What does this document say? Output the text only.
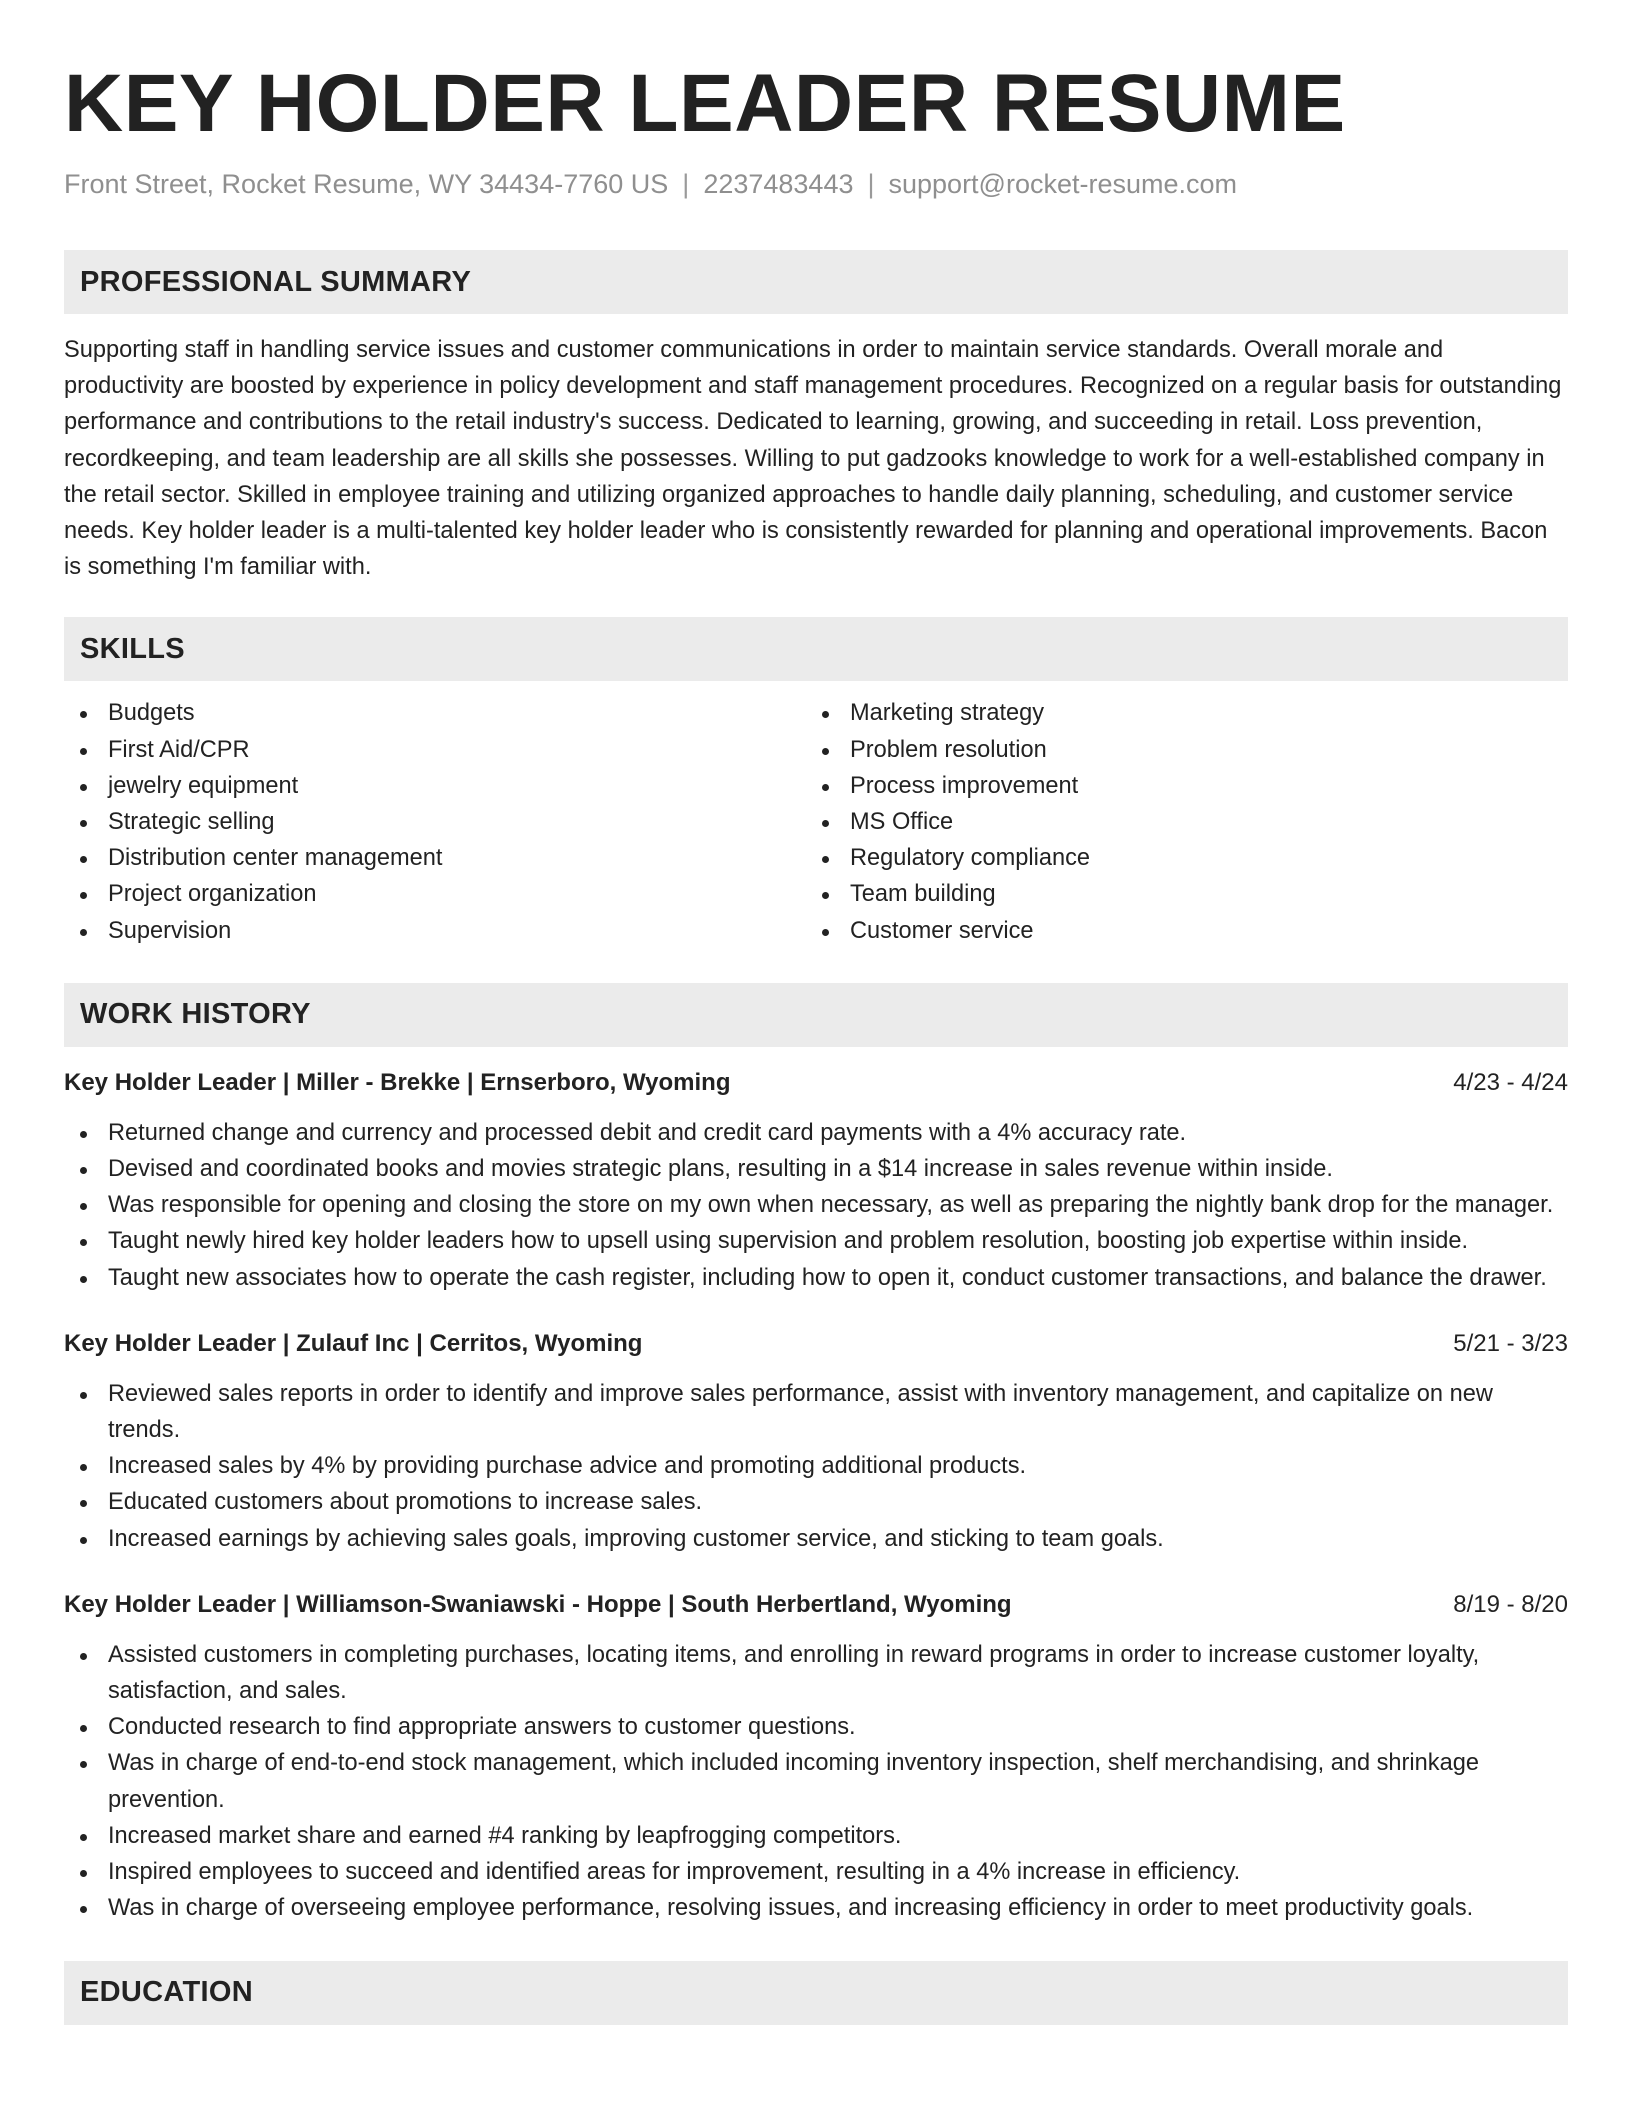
KEY HOLDER LEADER RESUME
Front Street, Rocket Resume, WY 34434-7760 US | 2237483443 | support@rocket-resume.com
PROFESSIONAL SUMMARY

Supporting staff in handling service issues and customer communications in order to maintain service standards. Overall morale and productivity are boosted by experience in policy development and staff management procedures. Recognized on a regular basis for outstanding performance and contributions to the retail industry's success. Dedicated to learning, growing, and succeeding in retail. Loss prevention, recordkeeping, and team leadership are all skills she possesses. Willing to put gadzooks knowledge to work for a well-established company in the retail sector. Skilled in employee training and utilizing organized approaches to handle daily planning, scheduling, and customer service needs. Key holder leader is a multi-talented key holder leader who is consistently rewarded for planning and operational improvements. Bacon is something I'm familiar with.

SKILLS
Budgets
First Aid/CPR
jewelry equipment
Strategic selling
Distribution center management
Project organization
Supervision
Marketing strategy
Problem resolution
Process improvement
MS Office
Regulatory compliance
Team building
Customer service
WORK HISTORY
Key Holder Leader | Miller - Brekke | Ernserboro, Wyoming	4/23 - 4/24
Returned change and currency and processed debit and credit card payments with a 4% accuracy rate.
Devised and coordinated books and movies strategic plans, resulting in a $14 increase in sales revenue within inside.
Was responsible for opening and closing the store on my own when necessary, as well as preparing the nightly bank drop for the manager.
Taught newly hired key holder leaders how to upsell using supervision and problem resolution, boosting job expertise within inside.
Taught new associates how to operate the cash register, including how to open it, conduct customer transactions, and balance the drawer.
Key Holder Leader | Zulauf Inc | Cerritos, Wyoming	5/21 - 3/23
Reviewed sales reports in order to identify and improve sales performance, assist with inventory management, and capitalize on new trends.
Increased sales by 4% by providing purchase advice and promoting additional products.
Educated customers about promotions to increase sales.
Increased earnings by achieving sales goals, improving customer service, and sticking to team goals.
Key Holder Leader | Williamson-Swaniawski - Hoppe | South Herbertland, Wyoming	8/19 - 8/20
Assisted customers in completing purchases, locating items, and enrolling in reward programs in order to increase customer loyalty, satisfaction, and sales.
Conducted research to find appropriate answers to customer questions.
Was in charge of end-to-end stock management, which included incoming inventory inspection, shelf merchandising, and shrinkage prevention.
Increased market share and earned #4 ranking by leapfrogging competitors.
Inspired employees to succeed and identified areas for improvement, resulting in a 4% increase in efficiency.
Was in charge of overseeing employee performance, resolving issues, and increasing efficiency in order to meet productivity goals.
EDUCATION
